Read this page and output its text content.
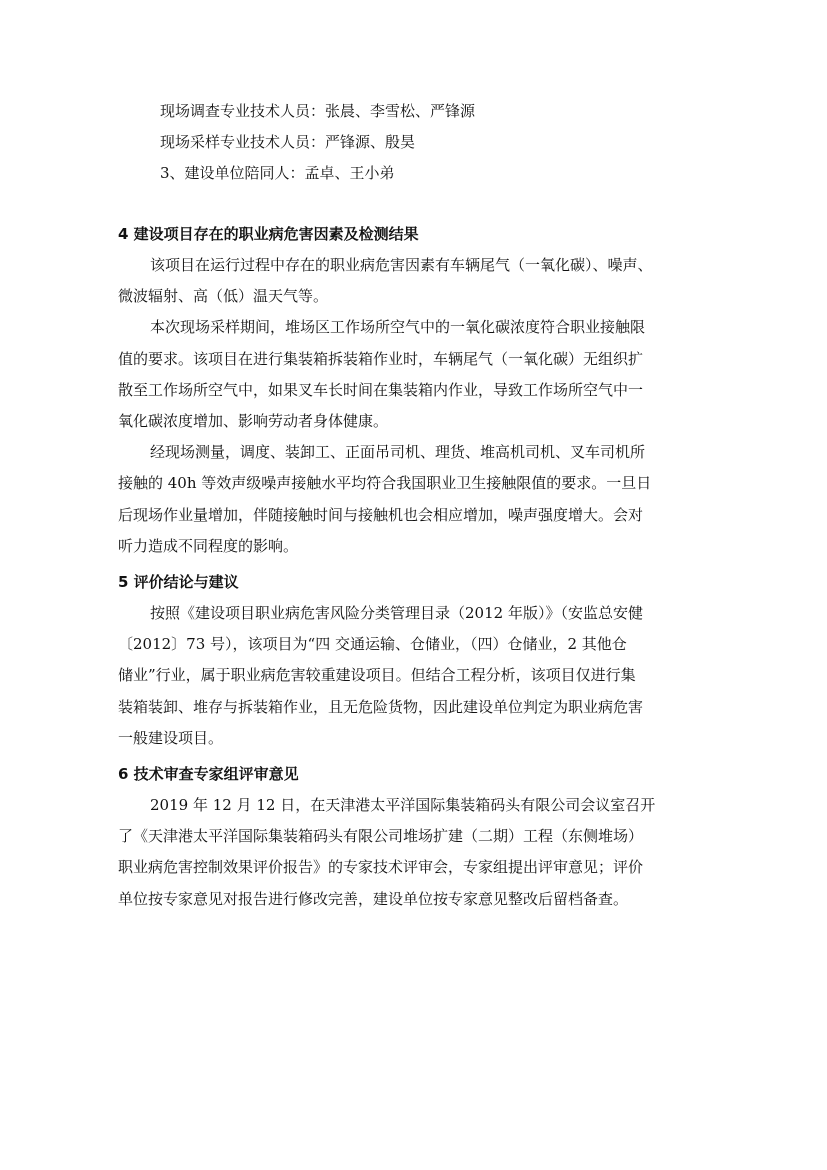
现场调查专业技术人员：张晨、李雪松、严锋源
现场采样专业技术人员：严锋源、殷昊
3、建设单位陪同人：孟卓、王小弟
4 建设项目存在的职业病危害因素及检测结果
该项目在运行过程中存在的职业病危害因素有车辆尾气（一氧化碳）、噪声、
微波辐射、高（低）温天气等。
本次现场采样期间，堆场区工作场所空气中的一氧化碳浓度符合职业接触限
值的要求。该项目在进行集装箱拆装箱作业时，车辆尾气（一氧化碳）无组织扩
散至工作场所空气中，如果叉车长时间在集装箱内作业，导致工作场所空气中一
氧化碳浓度增加、影响劳动者身体健康。
经现场测量，调度、装卸工、正面吊司机、理货、堆高机司机、叉车司机所
接触的 40h 等效声级噪声接触水平均符合我国职业卫生接触限值的要求。一旦日
后现场作业量增加，伴随接触时间与接触机也会相应增加，噪声强度增大。会对
听力造成不同程度的影响。
5 评价结论与建议
按照《建设项目职业病危害风险分类管理目录（2012 年版）》（安监总安健
〔2012〕73 号），该项目为“四 交通运输、仓储业，（四）仓储业，2 其他仓
储业”行业，属于职业病危害较重建设项目。但结合工程分析，该项目仅进行集
装箱装卸、堆存与拆装箱作业，且无危险货物，因此建设单位判定为职业病危害
一般建设项目。
6 技术审查专家组评审意见
2019 年 12 月 12 日，在天津港太平洋国际集装箱码头有限公司会议室召开
了《天津港太平洋国际集装箱码头有限公司堆场扩建（二期）工程（东侧堆场）
职业病危害控制效果评价报告》的专家技术评审会，专家组提出评审意见；评价
单位按专家意见对报告进行修改完善，建设单位按专家意见整改后留档备查。
